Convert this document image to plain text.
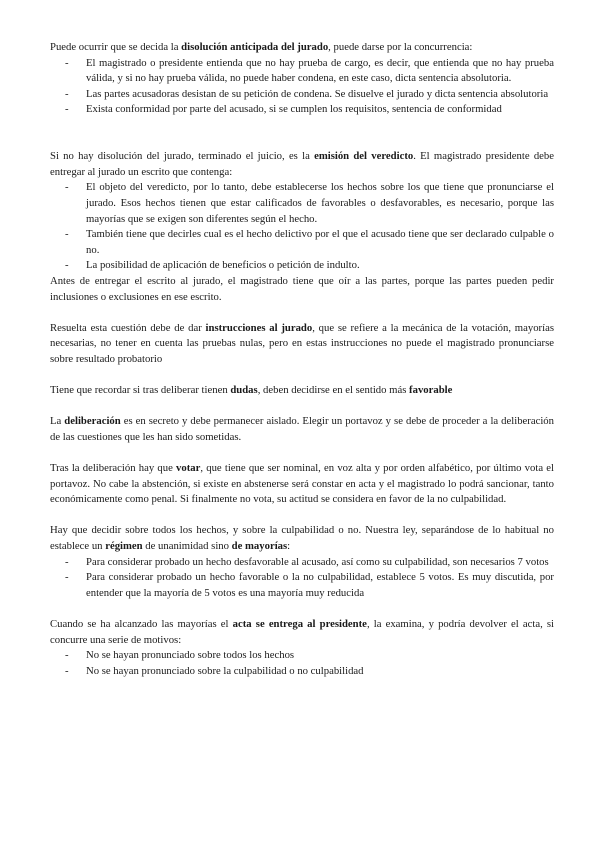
Puede ocurrir que se decida la disolución anticipada del jurado, puede darse por la concurrencia:

- El magistrado o presidente entienda que no hay prueba de cargo, es decir, que entienda que no hay prueba válida, y si no hay prueba válida, no puede haber condena, en este caso, dicta sentencia absolutoria.
- Las partes acusadoras desistan de su petición de condena. Se disuelve el jurado y dicta sentencia absolutoria
- Exista conformidad por parte del acusado, si se cumplen los requisitos, sentencia de conformidad

Si no hay disolución del jurado, terminado el juicio, es la emisión del veredicto. El magistrado presidente debe entregar al jurado un escrito que contenga:

- El objeto del veredicto, por lo tanto, debe establecerse los hechos sobre los que tiene que pronunciarse el jurado. Esos hechos tienen que estar calificados de favorables o desfavorables, es necesario, porque las mayorías que se exigen son diferentes según el hecho.
- También tiene que decirles cual es el hecho delictivo por el que el acusado tiene que ser declarado culpable o no.
- La posibilidad de aplicación de beneficios o petición de indulto.

Antes de entregar el escrito al jurado, el magistrado tiene que oír a las partes, porque las partes pueden pedir inclusiones o exclusiones en ese escrito.

Resuelta esta cuestión debe de dar instrucciones al jurado, que se refiere a la mecánica de la votación, mayorías necesarias, no tener en cuenta las pruebas nulas, pero en estas instrucciones no puede el magistrado pronunciarse sobre resultado probatorio

Tiene que recordar si tras deliberar tienen dudas, deben decidirse en el sentido más favorable

La deliberación es en secreto y debe permanecer aislado. Elegir un portavoz y se debe de proceder a la deliberación de las cuestiones que les han sido sometidas.

Tras la deliberación hay que votar, que tiene que ser nominal, en voz alta y por orden alfabético, por último vota el portavoz. No cabe la abstención, si existe en abstenerse será constar en acta y el magistrado lo podrá sancionar, tanto económicamente como penal. Si finalmente no vota, su actitud se considera en favor de la no culpabilidad.

Hay que decidir sobre todos los hechos, y sobre la culpabilidad o no. Nuestra ley, separándose de lo habitual no establece un régimen de unanimidad sino de mayorías:

- Para considerar probado un hecho desfavorable al acusado, así como su culpabilidad, son necesarios 7 votos
- Para considerar probado un hecho favorable o la no culpabilidad, establece 5 votos. Es muy discutida, por entender que la mayoría de 5 votos es una mayoría muy reducida

Cuando se ha alcanzado las mayorías el acta se entrega al presidente, la examina, y podría devolver el acta, si concurre una serie de motivos:

- No se hayan pronunciado sobre todos los hechos
- No se hayan pronunciado sobre la culpabilidad o no culpabilidad
